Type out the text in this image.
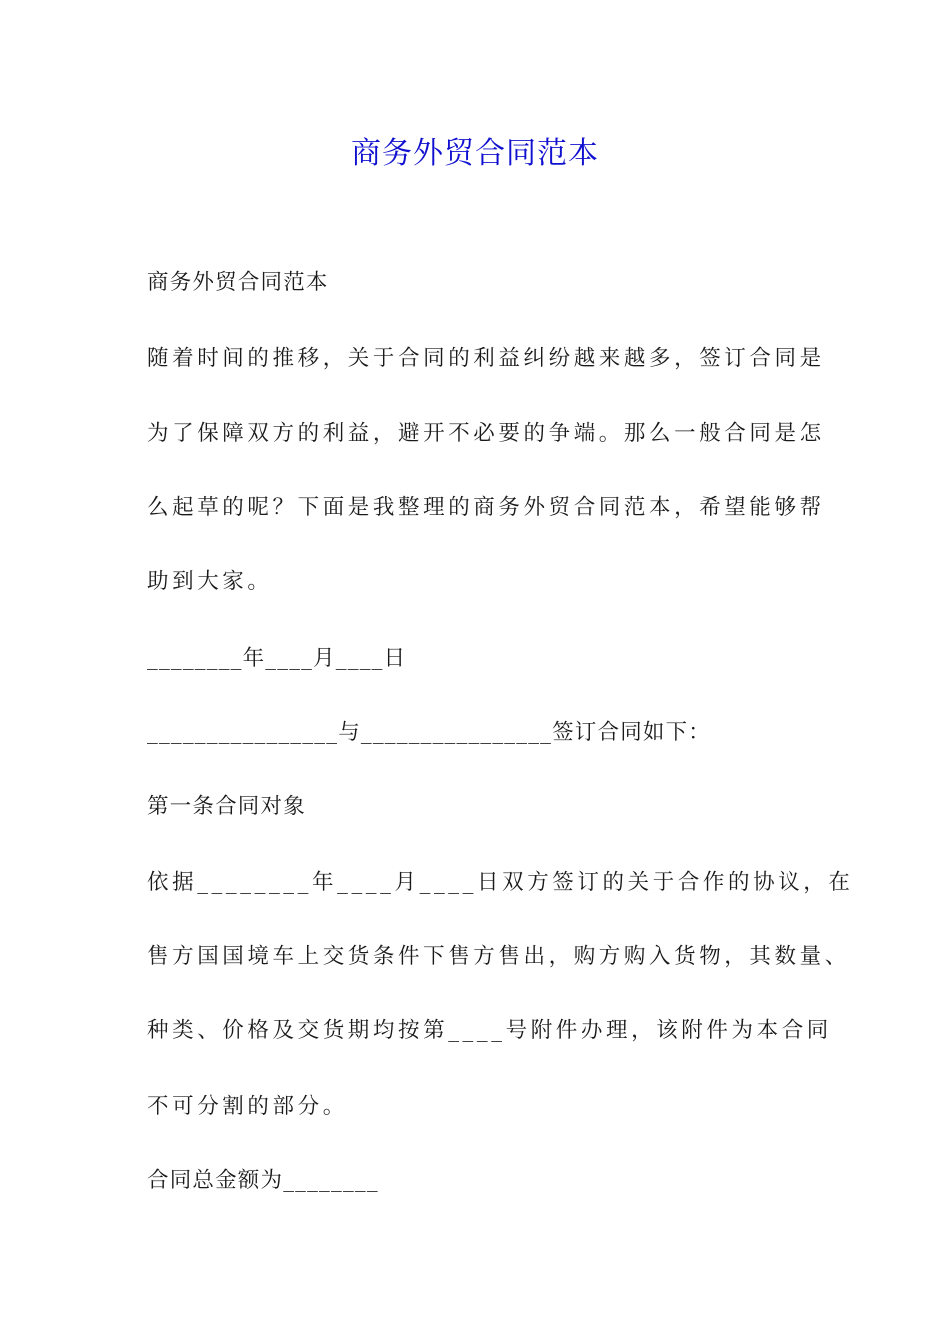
商务外贸合同范本
商务外贸合同范本
随着时间的推移，关于合同的利益纠纷越来越多，签订合同是
为了保障双方的利益，避开不必要的争端。那么一般合同是怎
么起草的呢？下面是我整理的商务外贸合同范本，希望能够帮
助到大家。
________年____月____日
________________与________________签订合同如下：
第一条合同对象
依据________年____月____日双方签订的关于合作的协议，在
售方国国境车上交货条件下售方售出，购方购入货物，其数量、
种类、价格及交货期均按第____号附件办理，该附件为本合同
不可分割的部分。
合同总金额为________
